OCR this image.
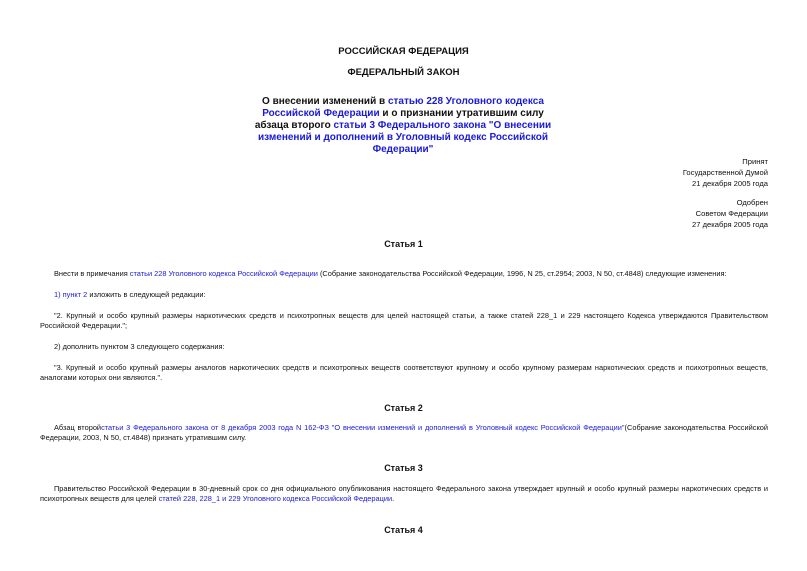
РОССИЙСКАЯ ФЕДЕРАЦИЯ
ФЕДЕРАЛЬНЫЙ ЗАКОН
О внесении изменений в статью 228 Уголовного кодекса Российской Федерации и о признании утратившим силу абзаца второго статьи 3 Федерального закона "О внесении изменений и дополнений в Уголовный кодекс Российской Федерации"
Принят
Государственной Думой
21 декабря 2005 года
Одобрен
Советом Федерации
27 декабря 2005 года
Статья 1
Внести в примечания статьи 228 Уголовного кодекса Российской Федерации (Собрание законодательства Российской Федерации, 1996, N 25, ст.2954; 2003, N 50, ст.4848) следующие изменения:
1) пункт 2 изложить в следующей редакции:
"2. Крупный и особо крупный размеры наркотических средств и психотропных веществ для целей настоящей статьи, а также статей 228_1 и 229 настоящего Кодекса утверждаются Правительством Российской Федерации.";
2) дополнить пунктом 3 следующего содержания:
"3. Крупный и особо крупный размеры аналогов наркотических средств и психотропных веществ соответствуют крупному и особо крупному размерам наркотических средств и психотропных веществ, аналогами которых они являются.".
Статья 2
Абзац второйстатьи 3 Федерального закона от 8 декабря 2003 года N 162-ФЗ "О внесении изменений и дополнений в Уголовный кодекс Российской Федерации"(Собрание законодательства Российской Федерации, 2003, N 50, ст.4848) признать утратившим силу.
Статья 3
Правительство Российской Федерации в 30-дневный срок со дня официального опубликования настоящего Федерального закона утверждает крупный и особо крупный размеры наркотических средств и психотропных веществ для целей статей 228, 228_1 и 229 Уголовного кодекса Российской Федерации.
Статья 4
